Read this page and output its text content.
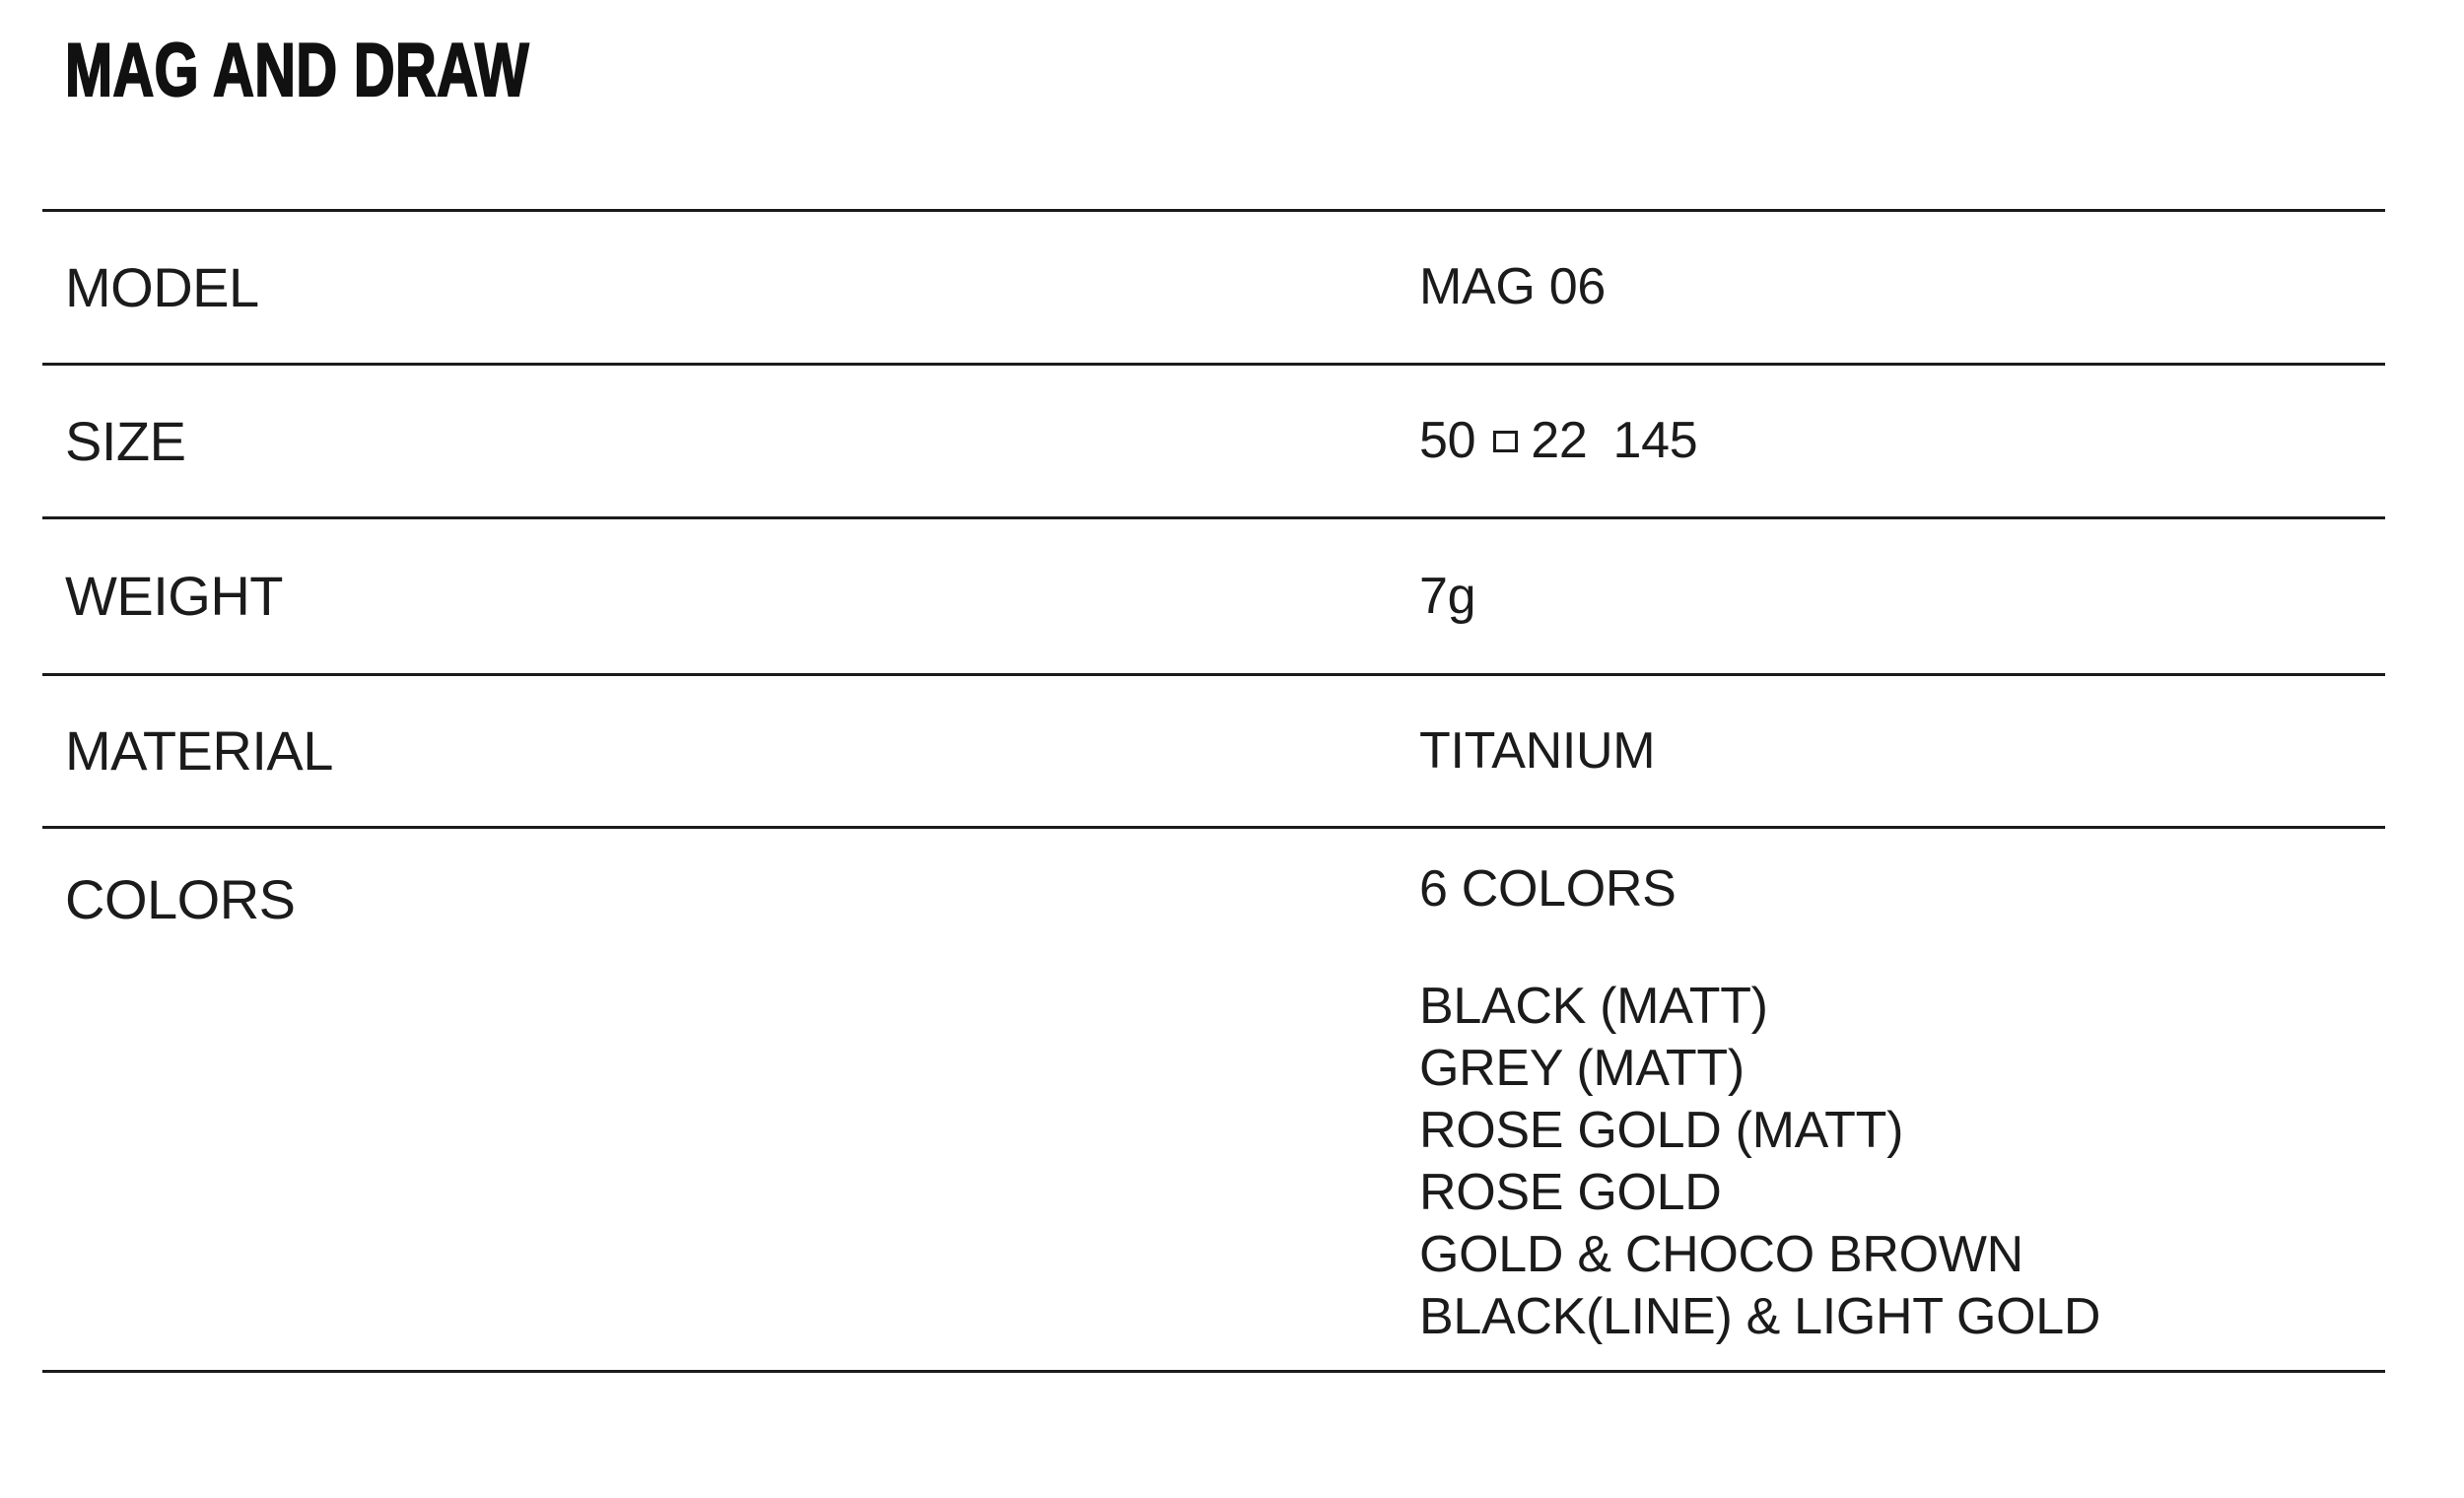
MAG AND DRAW
MODEL	MAG 06
SIZE	50 22 145
WEIGHT	7g
MATERIAL	TITANIUM
COLORS	6 COLORS
BLACK (MATT)
GREY (MATT)
ROSE GOLD (MATT)
ROSE GOLD
GOLD & CHOCO BROWN
BLACK(LINE) & LIGHT GOLD
